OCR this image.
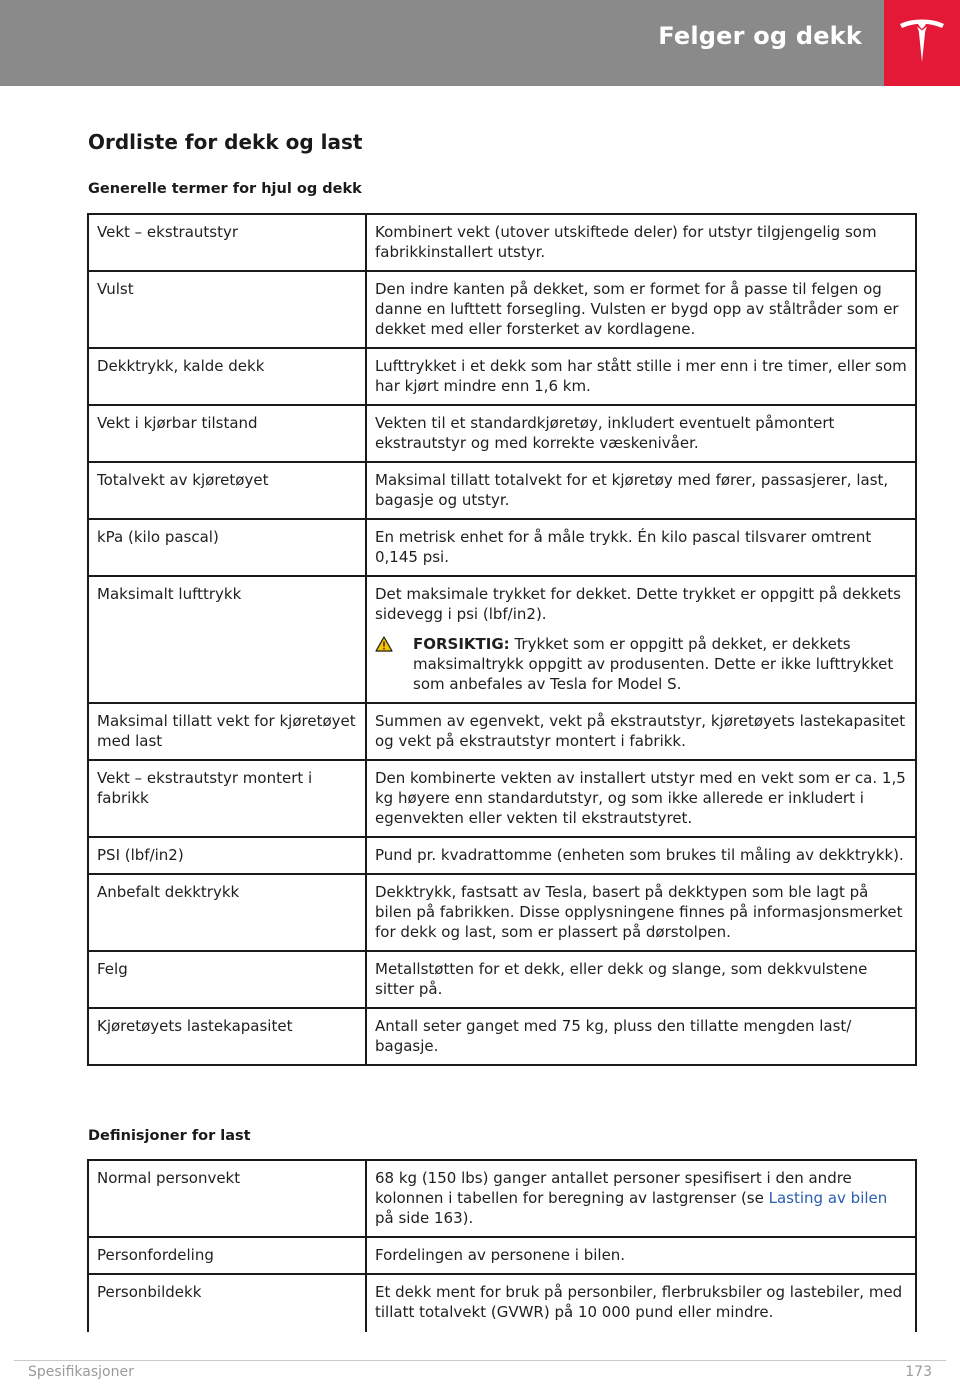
Felger og dekk
Ordliste for dekk og last
Generelle termer for hjul og dekk
Vekt – ekstrautstyr	Kombinert vekt (utover utskiftede deler) for utstyr tilgjengelig som fabrikkinstallert utstyr.
Vulst	Den indre kanten på dekket, som er formet for å passe til felgen og danne en lufttett forsegling. Vulsten er bygd opp av ståltråder som er dekket med eller forsterket av kordlagene.
Dekktrykk, kalde dekk	Lufttrykket i et dekk som har stått stille i mer enn i tre timer, eller som har kjørt mindre enn 1,6 km.
Vekt i kjørbar tilstand	Vekten til et standardkjøretøy, inkludert eventuelt påmontert ekstrautstyr og med korrekte væskenivåer.
Totalvekt av kjøretøyet	Maksimal tillatt totalvekt for et kjøretøy med fører, passasjerer, last, bagasje og utstyr.
kPa (kilo pascal)	En metrisk enhet for å måle trykk. Én kilo pascal tilsvarer omtrent 0,145 psi.
Maksimalt lufttrykk	Det maksimale trykket for dekket. Dette trykket er oppgitt på dekkets sidevegg i psi (lbf/in2).
FORSIKTIG: Trykket som er oppgitt på dekket, er dekkets maksimaltrykk oppgitt av produsenten. Dette er ikke lufttrykket som anbefales av Tesla for Model S.

Maksimal tillatt vekt for kjøretøyet med last	Summen av egenvekt, vekt på ekstrautstyr, kjøretøyets lastekapasitet og vekt på ekstrautstyr montert i fabrikk.
Vekt – ekstrautstyr montert i fabrikk	Den kombinerte vekten av installert utstyr med en vekt som er ca. 1,5 kg høyere enn standardutstyr, og som ikke allerede er inkludert i egenvekten eller vekten til ekstrautstyret.
PSI (lbf/in2)	Pund pr. kvadrattomme (enheten som brukes til måling av dekktrykk).
Anbefalt dekktrykk	Dekktrykk, fastsatt av Tesla, basert på dekktypen som ble lagt på bilen på fabrikken. Disse opplysningene finnes på informasjonsmerket for dekk og last, som er plassert på dørstolpen.
Felg	Metallstøtten for et dekk, eller dekk og slange, som dekkvulstene sitter på.
Kjøretøyets lastekapasitet	Antall seter ganget med 75 kg, pluss den tillatte mengden last/ bagasje.
Definisjoner for last
Normal personvekt	68 kg (150 lbs) ganger antallet personer spesifisert i den andre kolonnen i tabellen for beregning av lastgrenser (se Lasting av bilen på side 163).
Personfordeling	Fordelingen av personene i bilen.
Personbildekk	Et dekk ment for bruk på personbiler, flerbruksbiler og lastebiler, med tillatt totalvekt (GVWR) på 10 000 pund eller mindre.
Spesifikasjoner	173
